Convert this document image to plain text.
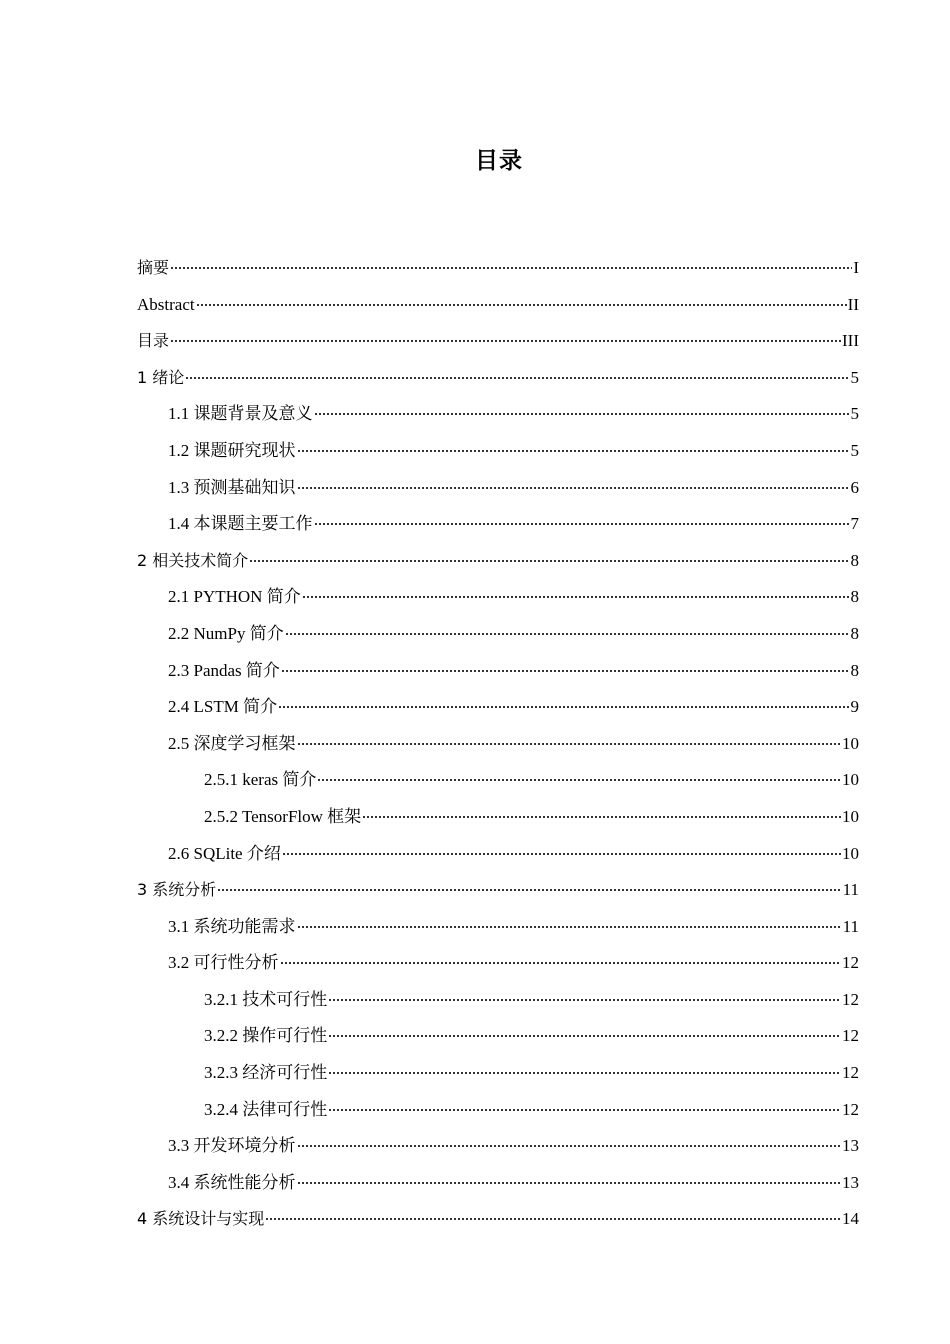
目录
摘要	I
Abstract	II
目录	III
1 绪论	5
1.1 课题背景及意义	5
1.2 课题研究现状	5
1.3 预测基础知识	6
1.4 本课题主要工作	7
2 相关技术简介	8
2.1 PYTHON 简介	8
2.2 NumPy 简介	8
2.3 Pandas 简介	8
2.4 LSTM 简介	9
2.5 深度学习框架	10
2.5.1 keras 简介	10
2.5.2 TensorFlow 框架	10
2.6 SQLite 介绍	10
3 系统分析	11
3.1 系统功能需求	11
3.2 可行性分析	12
3.2.1 技术可行性	12
3.2.2 操作可行性	12
3.2.3 经济可行性	12
3.2.4 法律可行性	12
3.3 开发环境分析	13
3.4 系统性能分析	13
4 系统设计与实现	14
